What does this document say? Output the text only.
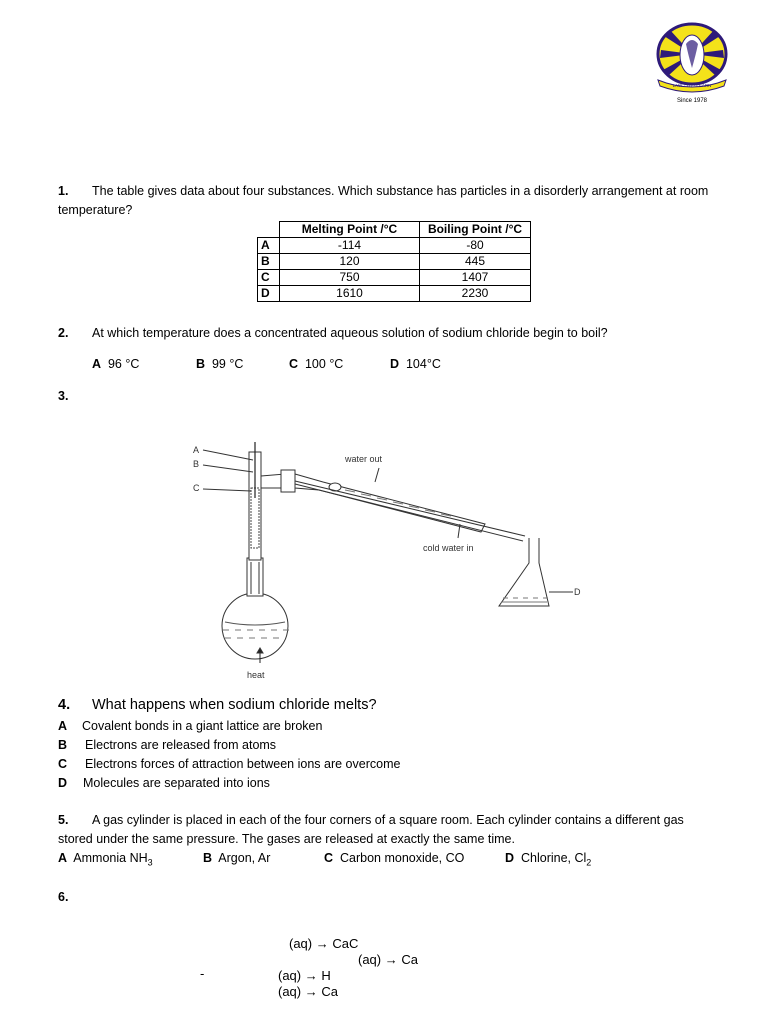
LAW · TO · LEARN
Since 1978
1. The table gives data about four substances. Which substance has particles in a disorderly arrangement at room
temperature?
	Melting Point /°C	Boiling Point /°C
A	-114	-80
B	120	445
C	750	1407
D	1610	2230
2. At which temperature does a concentrated aqueous solution of sodium chloride begin to boil?
A 96 °C	B 99 °C	C 100 °C	D 104°C
3.
A
B
C
D
water out
cold water in
heat
4. What happens when sodium chloride melts?
A Covalent bonds in a giant lattice are broken
B Electrons are released from atoms
C Electrons forces of attraction between ions are overcome
D Molecules are separated into ions
5. A gas cylinder is placed in each of the four corners of a square room. Each cylinder contains a different gas
stored under the same pressure. The gases are released at exactly the same time.
A Ammonia $NH_3$	B Argon, Ar	C Carbon monoxide, CO	D Chlorine, $Cl_2$
6.
(aq) → CaC
(aq) → Ca
-	(aq) → H
(aq) → Ca
